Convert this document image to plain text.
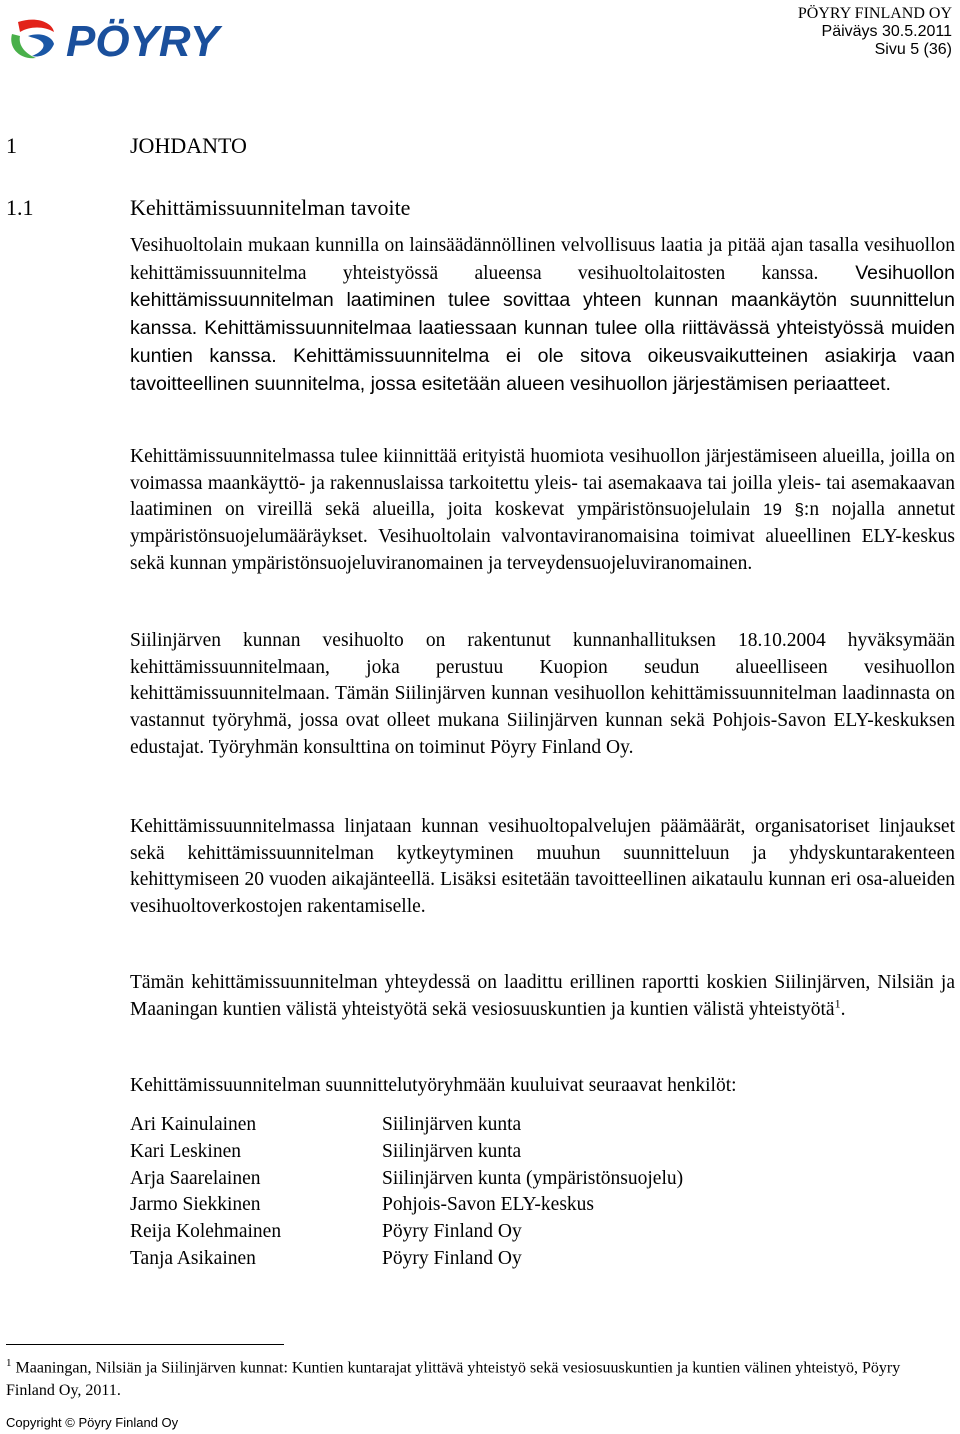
PÖYRY
PÖYRY FINLAND OY
Päiväys 30.5.2011
Sivu 5 (36)
1	JOHDANTO
1.1	Kehittämissuunnitelman tavoite

Vesihuoltolain mukaan kunnilla on lainsäädännöllinen velvollisuus laatia ja pitää ajan tasalla vesihuollon kehittämissuunnitelma yhteistyössä alueensa vesihuoltolaitosten kanssa. Vesihuollon kehittämissuunnitelman laatiminen tulee sovittaa yhteen kunnan maankäytön suunnittelun kanssa. Kehittämissuunnitelmaa laatiessaan kunnan tulee olla riittävässä yhteistyössä muiden kuntien kanssa. Kehittämissuunnitelma ei ole sitova oikeusvaikutteinen asiakirja vaan tavoitteellinen suunnitelma, jossa esitetään alueen vesihuollon järjestämisen periaatteet.

Kehittämissuunnitelmassa tulee kiinnittää erityistä huomiota vesihuollon järjestämiseen alueilla, joilla on voimassa maankäyttö- ja rakennuslaissa tarkoitettu yleis- tai asemakaava tai joilla yleis- tai asemakaavan laatiminen on vireillä sekä alueilla, joita koskevat ympäristönsuojelulain 19 §:n nojalla annetut ympäristönsuojelumääräykset. Vesihuoltolain valvontaviranomaisina toimivat alueellinen ELY-keskus sekä kunnan ympäristönsuojeluviranomainen ja terveydensuojeluviranomainen.

Siilinjärven kunnan vesihuolto on rakentunut kunnanhallituksen 18.10.2004 hyväksymään kehittämissuunnitelmaan, joka perustuu Kuopion seudun alueelliseen vesihuollon kehittämissuunnitelmaan. Tämän Siilinjärven kunnan vesihuollon kehittämissuunnitelman laadinnasta on vastannut työryhmä, jossa ovat olleet mukana Siilinjärven kunnan sekä Pohjois-Savon ELY-keskuksen edustajat. Työryhmän konsulttina on toiminut Pöyry Finland Oy.

Kehittämissuunnitelmassa linjataan kunnan vesihuoltopalvelujen päämäärät, organisatoriset linjaukset sekä kehittämissuunnitelman kytkeytyminen muuhun suunnitteluun ja yhdyskuntarakenteen kehittymiseen 20 vuoden aikajänteellä. Lisäksi esitetään tavoitteellinen aikataulu kunnan eri osa-alueiden vesihuoltoverkostojen rakentamiselle.

Tämän kehittämissuunnitelman yhteydessä on laadittu erillinen raportti koskien Siilinjärven, Nilsiän ja Maaningan kuntien välistä yhteistyötä sekä vesiosuuskuntien ja kuntien välistä yhteistyötä$^1$.

Kehittämissuunnitelman suunnittelutyöryhmään kuuluivat seuraavat henkilöt:

Ari Kainulainen	Siilinjärven kunta
Kari Leskinen	Siilinjärven kunta
Arja Saarelainen	Siilinjärven kunta (ympäristönsuojelu)
Jarmo Siekkinen	Pohjois-Savon ELY-keskus
Reija Kolehmainen	Pöyry Finland Oy
Tanja Asikainen	Pöyry Finland Oy
$^1$ Maaningan, Nilsiän ja Siilinjärven kunnat: Kuntien kuntarajat ylittävä yhteistyö sekä vesiosuuskuntien ja kuntien välinen yhteistyö, Pöyry Finland Oy, 2011.
Copyright © Pöyry Finland Oy
